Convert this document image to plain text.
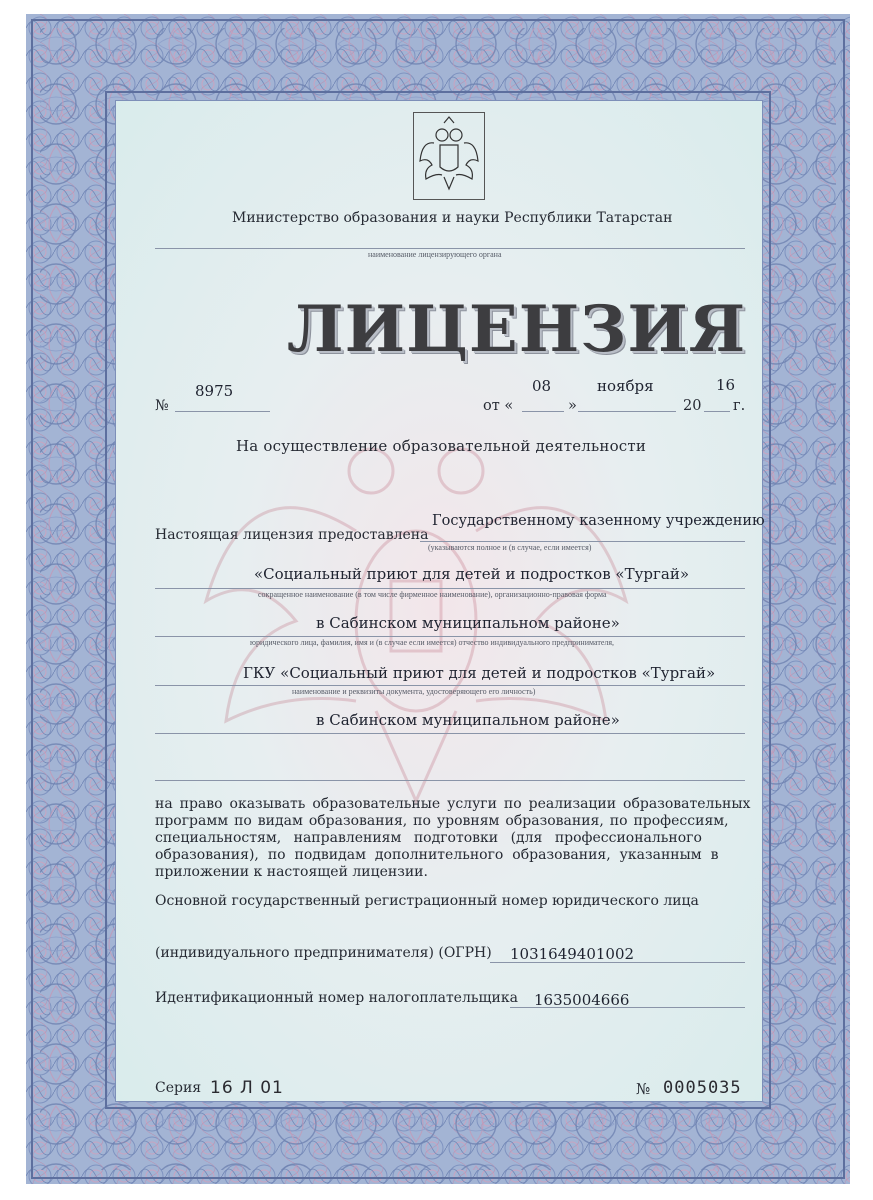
Министерство образования и науки Республики Татарстан
наименование лицензирующего органа
ЛИЦЕНЗИЯ
№
8975
от «
08
»
ноября
20
16
г.
На осуществление образовательной деятельности
Настоящая лицензия предоставлена
Государственному казенному учреждению
(указываются полное и (в случае, если имеется)
«Социальный приют для детей и подростков «Тургай»
сокращенное наименование (в том числе фирменное наименование), организационно-правовая форма
в Сабинском муниципальном районе»
юридического лица, фамилия, имя и (в случае если имеется) отчество индивидуального предпринимателя,
ГКУ «Социальный приют для детей и подростков «Тургай»
наименование и реквизиты документа, удостоверяющего его личность)
в Сабинском муниципальном районе»
на право оказывать образовательные услуги по реализации образовательных
программ по видам образования, по уровням образования, по профессиям,
специальностям, направлениям подготовки (для профессионального
образования), по подвидам дополнительного образования, указанным в
приложении к настоящей лицензии.
Основной государственный регистрационный номер юридического лица
(индивидуального предпринимателя) (ОГРН) 1031649401002
Идентификационный номер налогоплательщика 1635004666
Серия 16 Л 01	№ 0005035
